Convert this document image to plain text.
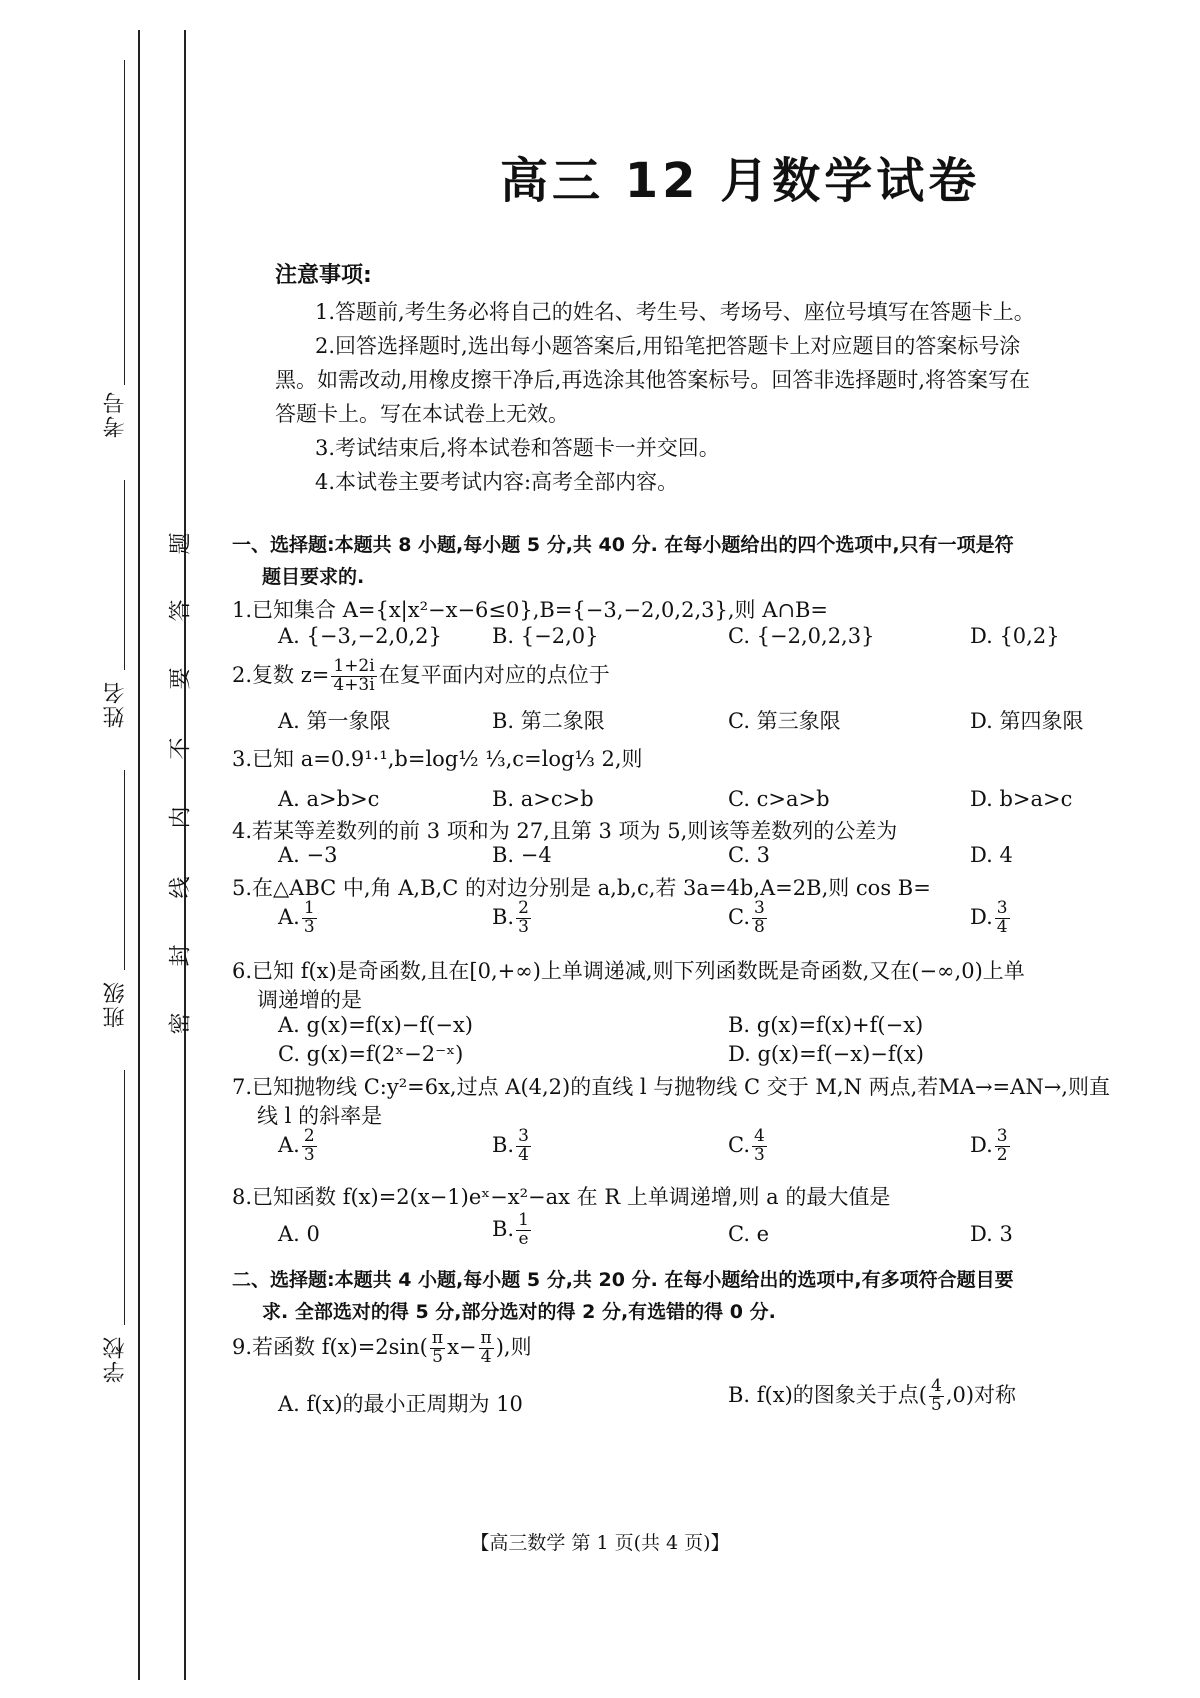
考号
姓名
班级
学校
题
答
要
不
内
线
封
密
高三 12 月数学试卷
注意事项:
1.答题前,考生务必将自己的姓名、考生号、考场号、座位号填写在答题卡上。
2.回答选择题时,选出每小题答案后,用铅笔把答题卡上对应题目的答案标号涂
黑。如需改动,用橡皮擦干净后,再选涂其他答案标号。回答非选择题时,将答案写在
答题卡上。写在本试卷上无效。
3.考试结束后,将本试卷和答题卡一并交回。
4.本试卷主要考试内容:高考全部内容。
一、选择题:本题共 8 小题,每小题 5 分,共 40 分. 在每小题给出的四个选项中,只有一项是符
题目要求的.
1.已知集合 A={x|x²−x−6≤0},B={−3,−2,0,2,3},则 A∩B=
A. {−3,−2,0,2} B. {−2,0}	C. {−2,0,2,3}	D. {0,2}
2.复数 $z= \frac{1+2i}{4+3i}$ 在复平面内对应的点位于
A. 第一象限	B. 第二象限	C. 第三象限	D. 第四象限
3.已知 a=0.9¹·¹,b=log½ ⅓,c=log⅓ 2,则
A. a>b>c	B. a>c>b	C. c>a>b	D. b>a>c
4.若某等差数列的前 3 项和为 27,且第 3 项为 5,则该等差数列的公差为
A. −3	B. −4	C. 3	D. 4
5.在△ABC 中,角 A,B,C 的对边分别是 a,b,c,若 3a=4b,A=2B,则 cos B=
A. $\frac{1}{3}$	B. $\frac{2}{3}$	C. $\frac{3}{8}$	D. $\frac{3}{4}$
6.已知 f(x)是奇函数,且在[0,+∞)上单调递减,则下列函数既是奇函数,又在(−∞,0)上单
调递增的是
A. g(x)=f(x)−f(−x)	B. g(x)=f(x)+f(−x)
C. g(x)=f(2ˣ−2⁻ˣ)	D. g(x)=f(−x)−f(x)
7.已知抛物线 C:y²=6x,过点 A(4,2)的直线 l 与抛物线 C 交于 M,N 两点,若MA→=AN→,则直
线 l 的斜率是
A. $\frac{2}{3}$	B. $\frac{3}{4}$	C. $\frac{4}{3}$	D. $\frac{3}{2}$
8.已知函数 f(x)=2(x−1)eˣ−x²−ax 在 R 上单调递增,则 a 的最大值是
A. 0	B. $\frac{1}{e}$	C. e	D. 3
二、选择题:本题共 4 小题,每小题 5 分,共 20 分. 在每小题给出的选项中,有多项符合题目要
求. 全部选对的得 5 分,部分选对的得 2 分,有选错的得 0 分.
9.若函数 $f(x)=2\sin( \frac{\pi}{5} x- \frac{\pi}{4}$ ),则
A. f(x)的最小正周期为 10	B. f(x)的图象关于点( $\frac{4}{5} ,0$)对称
【高三数学 第 1 页(共 4 页)】
